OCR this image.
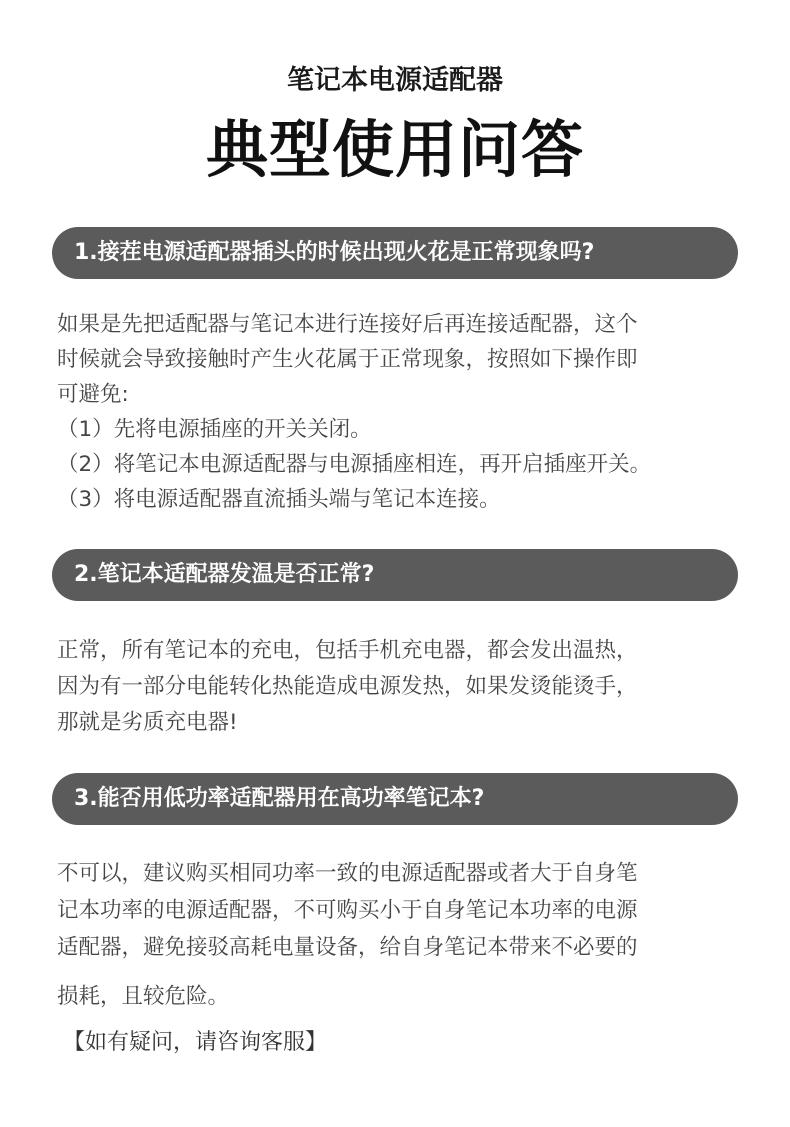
笔记本电源适配器
典型使用问答
1.接茬电源适配器插头的时候出现火花是正常现象吗?

如果是先把适配器与笔记本进行连接好后再连接适配器，这个

时候就会导致接触时产生火花属于正常现象，按照如下操作即

可避免:

（1）先将电源插座的开关关闭。

（2）将笔记本电源适配器与电源插座相连，再开启插座开关。

（3）将电源适配器直流插头端与笔记本连接。

2.笔记本适配器发温是否正常?

正常，所有笔记本的充电，包括手机充电器，都会发出温热，

因为有一部分电能转化热能造成电源发热，如果发烫能烫手，

那就是劣质充电器!

3.能否用低功率适配器用在高功率笔记本?

不可以，建议购买相同功率一致的电源适配器或者大于自身笔

记本功率的电源适配器，不可购买小于自身笔记本功率的电源

适配器，避免接驳高耗电量设备，给自身笔记本带来不必要的

损耗，且较危险。

【如有疑问，请咨询客服】
